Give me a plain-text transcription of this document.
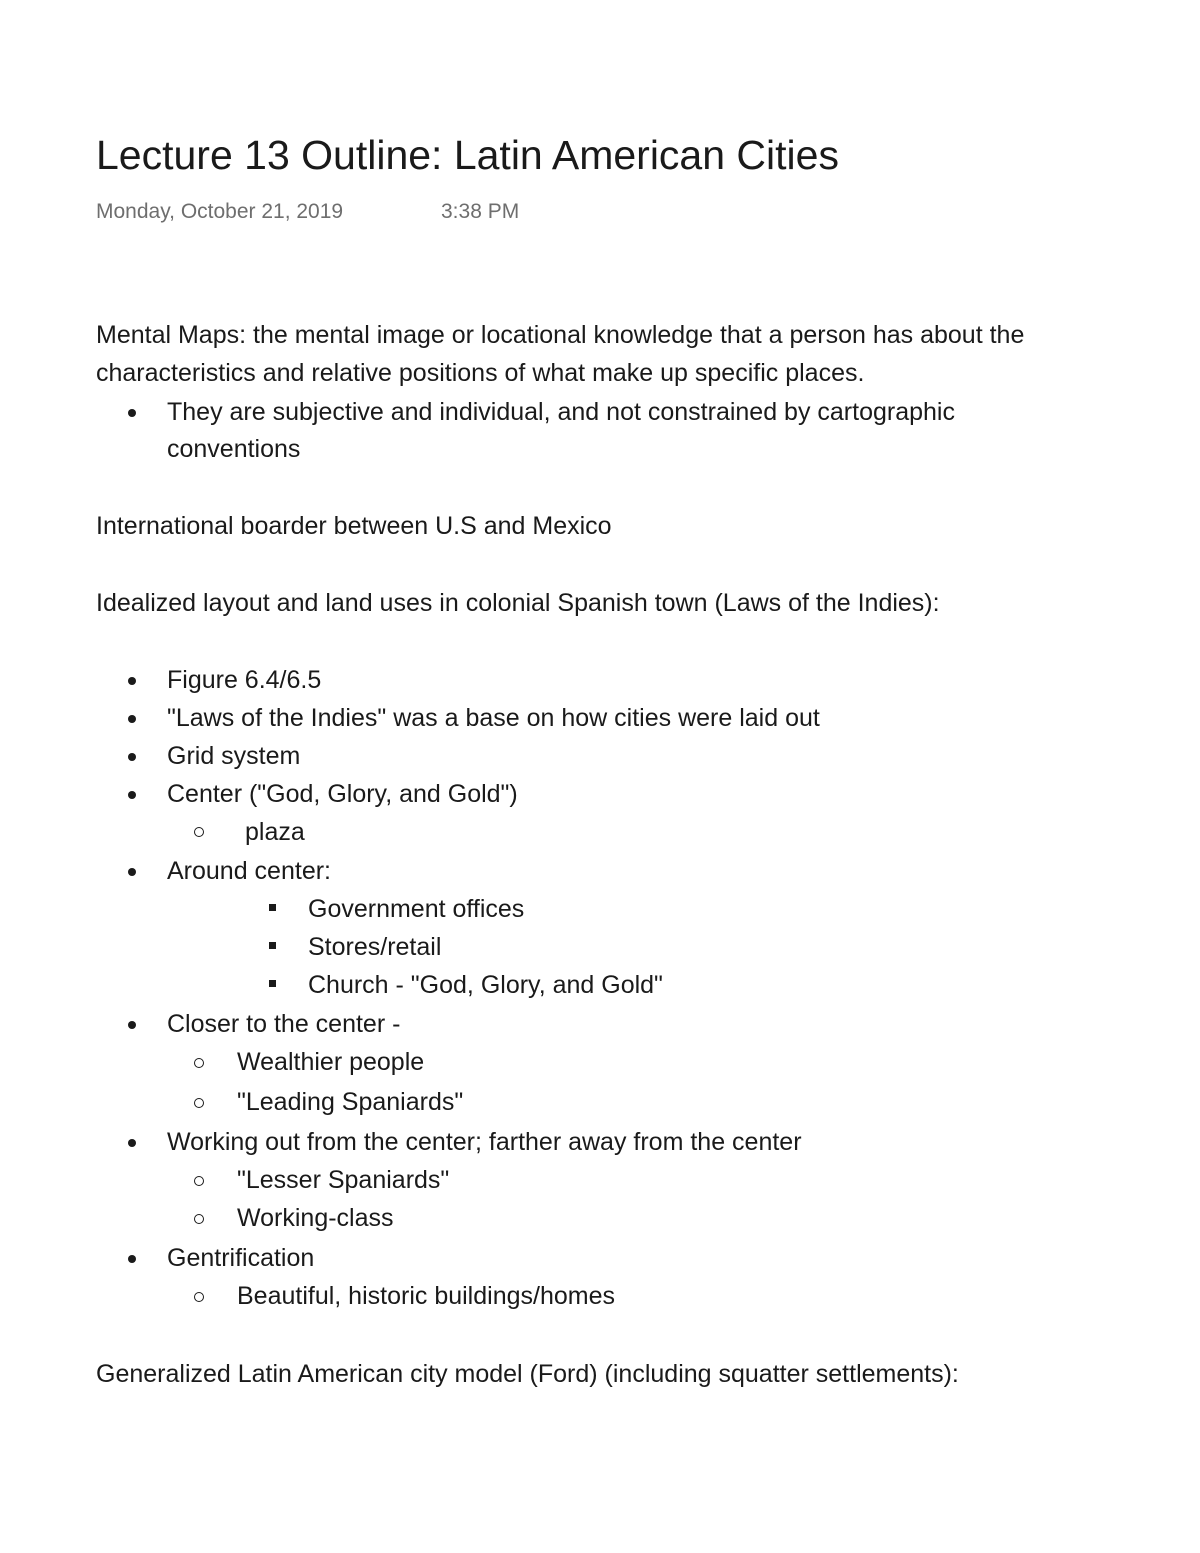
Lecture 13 Outline: Latin American Cities
Monday, October 21, 2019	3:38 PM
Mental Maps: the mental image or locational knowledge that a person has about the
characteristics and relative positions of what make up specific places.
They are subjective and individual, and not constrained by cartographic
conventions
International boarder between U.S and Mexico
Idealized layout and land uses in colonial Spanish town (Laws of the Indies):
Figure 6.4/6.5
"Laws of the Indies" was a base on how cities were laid out
Grid system
Center ("God, Glory, and Gold")
plaza
Around center:
Government offices
Stores/retail
Church - "God, Glory, and Gold"
Closer to the center -
Wealthier people
"Leading Spaniards"
Working out from the center; farther away from the center
"Lesser Spaniards"
Working-class
Gentrification
Beautiful, historic buildings/homes
Generalized Latin American city model (Ford) (including squatter settlements):
